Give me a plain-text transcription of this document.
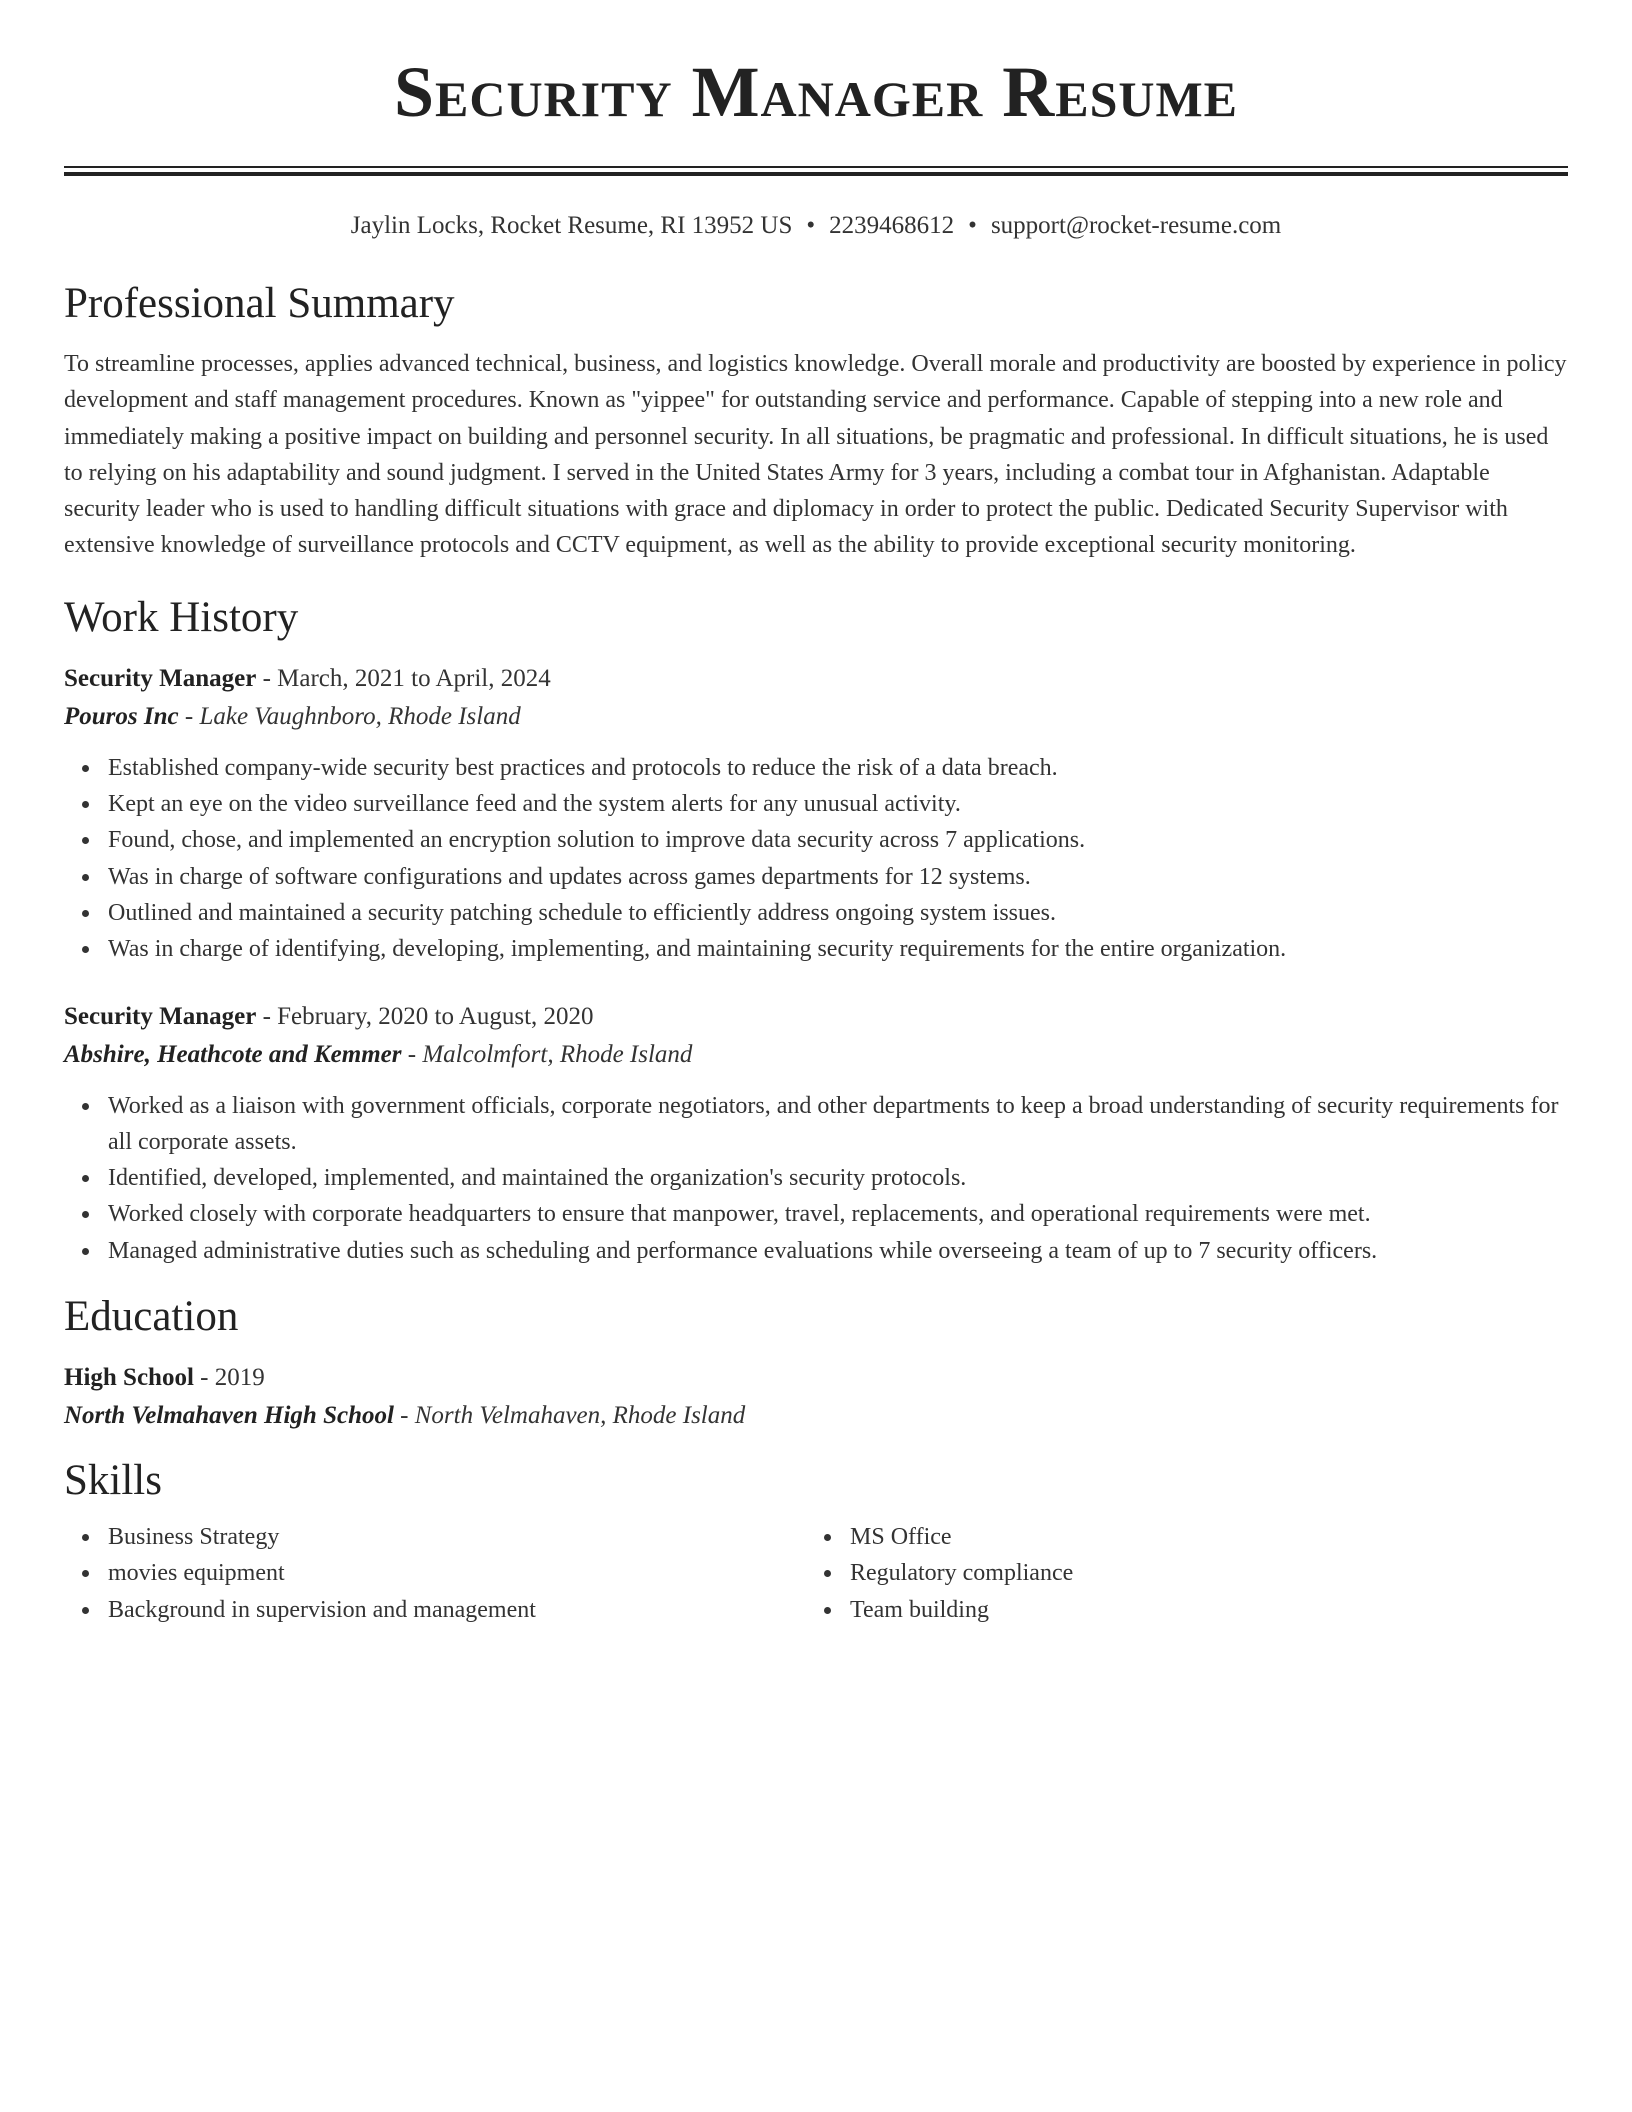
Security Manager Resume
Jaylin Locks, Rocket Resume, RI 13952 US • 2239468612 • support@rocket-resume.com
Professional Summary

To streamline processes, applies advanced technical, business, and logistics knowledge. Overall morale and productivity are boosted by experience in policy development and staff management procedures. Known as "yippee" for outstanding service and performance. Capable of stepping into a new role and immediately making a positive impact on building and personnel security. In all situations, be pragmatic and professional. In difficult situations, he is used to relying on his adaptability and sound judgment. I served in the United States Army for 3 years, including a combat tour in Afghanistan. Adaptable security leader who is used to handling difficult situations with grace and diplomacy in order to protect the public. Dedicated Security Supervisor with extensive knowledge of surveillance protocols and CCTV equipment, as well as the ability to provide exceptional security monitoring.

Work History
Security Manager - March, 2021 to April, 2024
Pouros Inc - Lake Vaughnboro, Rhode Island
Established company-wide security best practices and protocols to reduce the risk of a data breach.
Kept an eye on the video surveillance feed and the system alerts for any unusual activity.
Found, chose, and implemented an encryption solution to improve data security across 7 applications.
Was in charge of software configurations and updates across games departments for 12 systems.
Outlined and maintained a security patching schedule to efficiently address ongoing system issues.
Was in charge of identifying, developing, implementing, and maintaining security requirements for the entire organization.
Security Manager - February, 2020 to August, 2020
Abshire, Heathcote and Kemmer - Malcolmfort, Rhode Island
Worked as a liaison with government officials, corporate negotiators, and other departments to keep a broad understanding of security requirements for all corporate assets.
Identified, developed, implemented, and maintained the organization's security protocols.
Worked closely with corporate headquarters to ensure that manpower, travel, replacements, and operational requirements were met.
Managed administrative duties such as scheduling and performance evaluations while overseeing a team of up to 7 security officers.
Education
High School - 2019
North Velmahaven High School - North Velmahaven, Rhode Island
Skills
Business Strategy
movies equipment
Background in supervision and management
MS Office
Regulatory compliance
Team building
